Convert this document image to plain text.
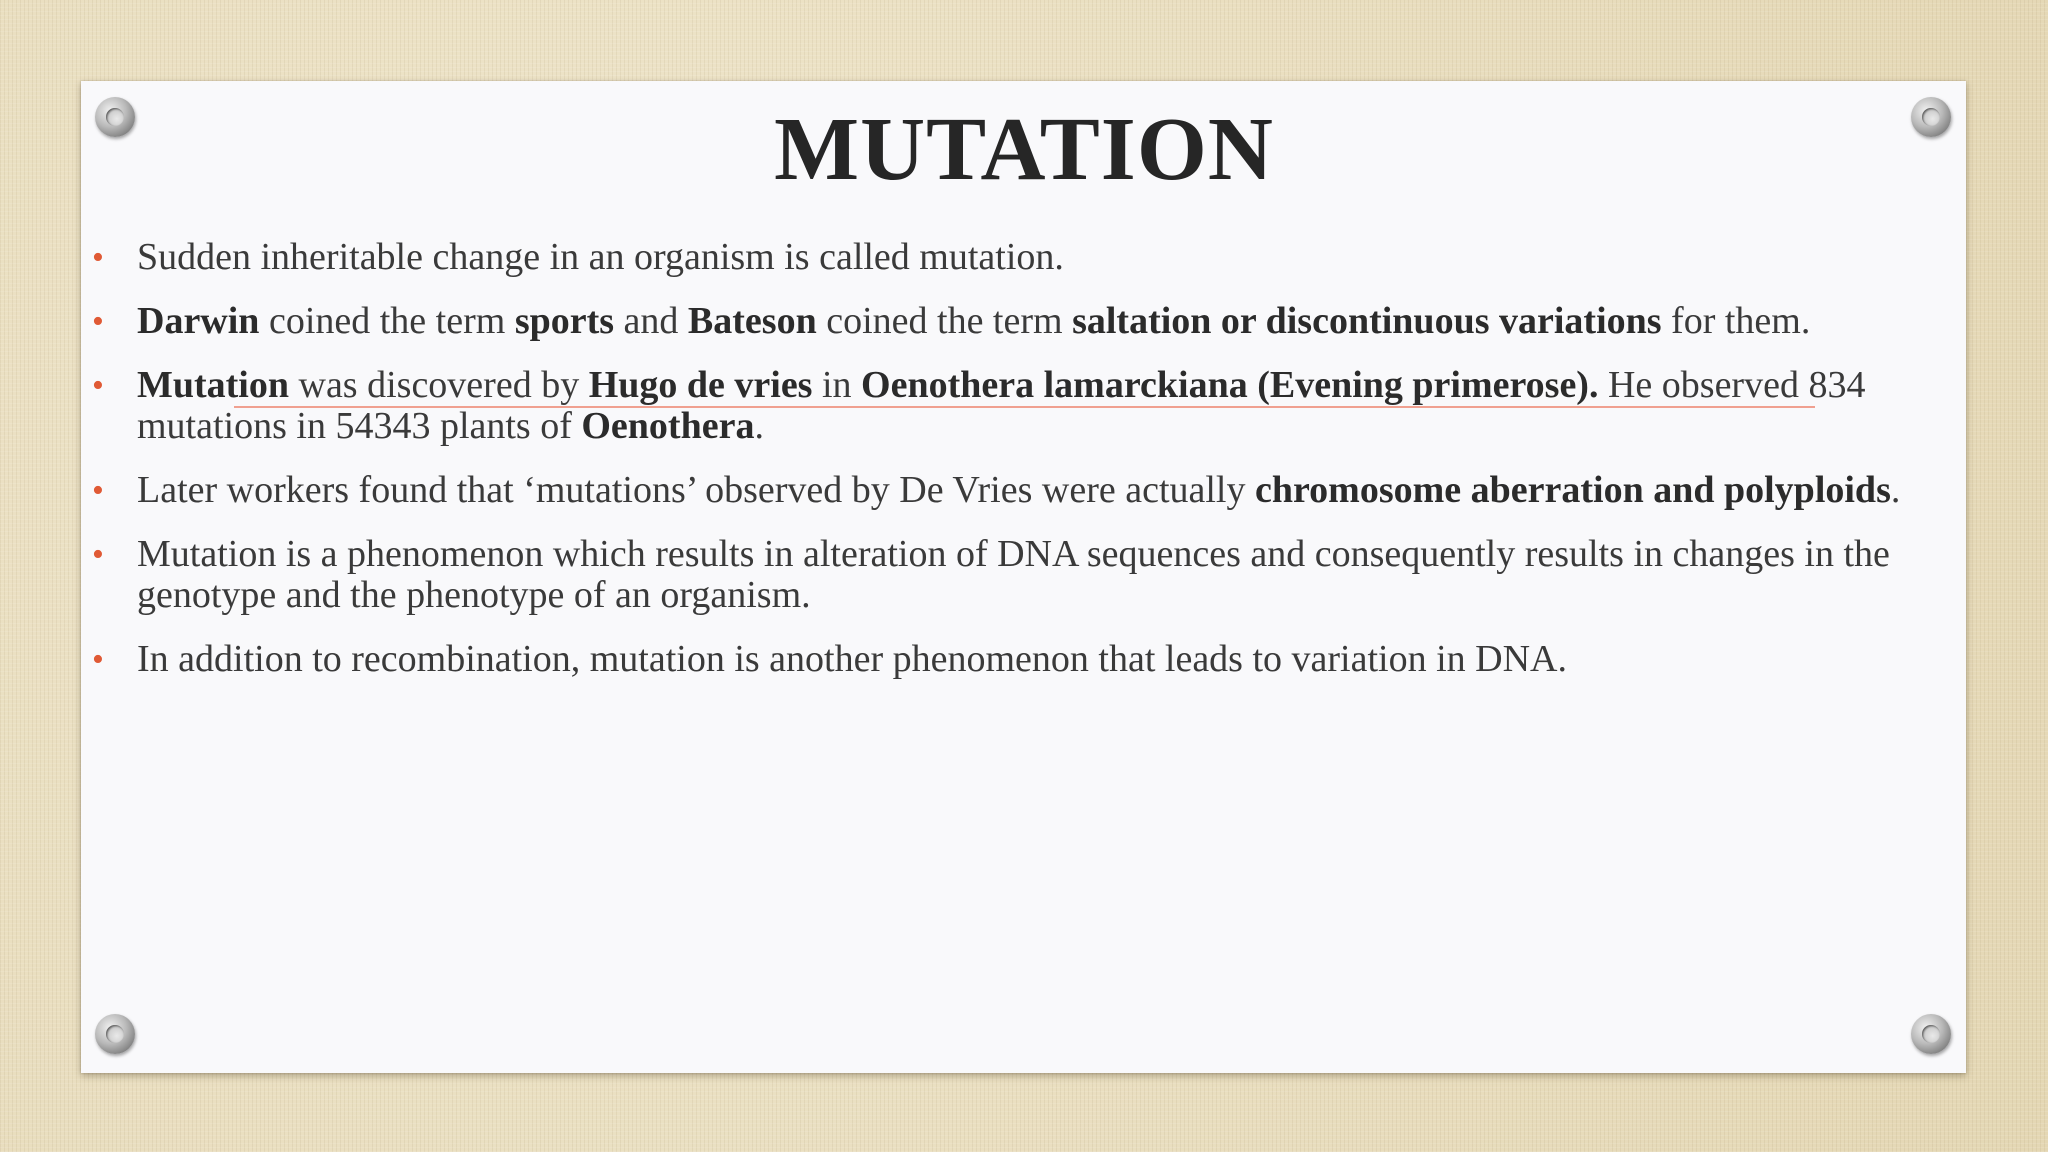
MUTATION
• Sudden inheritable change in an organism is called mutation.
• Darwin coined the term sports and Bateson coined the term saltation or discontinuous variations for them.
• Mutation was discovered by Hugo de vries in Oenothera lamarckiana (Evening primerose). He observed 834 mutations in 54343 plants of Oenothera.
• Later workers found that ‘mutations’ observed by De Vries were actually chromosome aberration and polyploids.
• Mutation is a phenomenon which results in alteration of DNA sequences and consequently results in changes in the genotype and the phenotype of an organism.
• In addition to recombination, mutation is another phenomenon that leads to variation in DNA.
